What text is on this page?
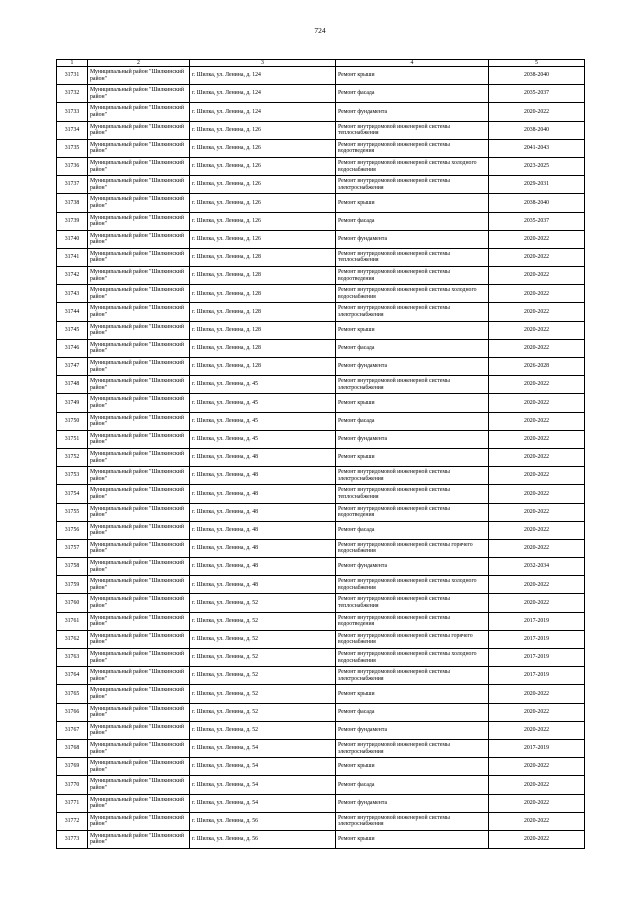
724
1	2	3	4	5
31731	Муниципальный район "Шилкинский район"	г. Шилка, ул. Ленина, д. 124	Ремонт крыши	2038-2040
31732	Муниципальный район "Шилкинский район"	г. Шилка, ул. Ленина, д. 124	Ремонт фасада	2035-2037
31733	Муниципальный район "Шилкинский район"	г. Шилка, ул. Ленина, д. 124	Ремонт фундамента	2020-2022
31734	Муниципальный район "Шилкинский район"	г. Шилка, ул. Ленина, д. 126	Ремонт внутридомовой инженерной системы теплоснабжения	2038-2040
31735	Муниципальный район "Шилкинский район"	г. Шилка, ул. Ленина, д. 126	Ремонт внутридомовой инженерной системы водоотведения	2041-2043
31736	Муниципальный район "Шилкинский район"	г. Шилка, ул. Ленина, д. 126	Ремонт внутридомовой инженерной системы холодного водоснабжения	2023-2025
31737	Муниципальный район "Шилкинский район"	г. Шилка, ул. Ленина, д. 126	Ремонт внутридомовой инженерной системы электроснабжения	2029-2031
31738	Муниципальный район "Шилкинский район"	г. Шилка, ул. Ленина, д. 126	Ремонт крыши	2038-2040
31739	Муниципальный район "Шилкинский район"	г. Шилка, ул. Ленина, д. 126	Ремонт фасада	2035-2037
31740	Муниципальный район "Шилкинский район"	г. Шилка, ул. Ленина, д. 126	Ремонт фундамента	2020-2022
31741	Муниципальный район "Шилкинский район"	г. Шилка, ул. Ленина, д. 128	Ремонт внутридомовой инженерной системы теплоснабжения	2020-2022
31742	Муниципальный район "Шилкинский район"	г. Шилка, ул. Ленина, д. 128	Ремонт внутридомовой инженерной системы водоотведения	2020-2022
31743	Муниципальный район "Шилкинский район"	г. Шилка, ул. Ленина, д. 128	Ремонт внутридомовой инженерной системы холодного водоснабжения	2020-2022
31744	Муниципальный район "Шилкинский район"	г. Шилка, ул. Ленина, д. 128	Ремонт внутридомовой инженерной системы электроснабжения	2020-2022
31745	Муниципальный район "Шилкинский район"	г. Шилка, ул. Ленина, д. 128	Ремонт крыши	2020-2022
31746	Муниципальный район "Шилкинский район"	г. Шилка, ул. Ленина, д. 128	Ремонт фасада	2020-2022
31747	Муниципальный район "Шилкинский район"	г. Шилка, ул. Ленина, д. 128	Ремонт фундамента	2026-2028
31748	Муниципальный район "Шилкинский район"	г. Шилка, ул. Ленина, д. 45	Ремонт внутридомовой инженерной системы электроснабжения	2020-2022
31749	Муниципальный район "Шилкинский район"	г. Шилка, ул. Ленина, д. 45	Ремонт крыши	2020-2022
31750	Муниципальный район "Шилкинский район"	г. Шилка, ул. Ленина, д. 45	Ремонт фасада	2020-2022
31751	Муниципальный район "Шилкинский район"	г. Шилка, ул. Ленина, д. 45	Ремонт фундамента	2020-2022
31752	Муниципальный район "Шилкинский район"	г. Шилка, ул. Ленина, д. 48	Ремонт крыши	2020-2022
31753	Муниципальный район "Шилкинский район"	г. Шилка, ул. Ленина, д. 48	Ремонт внутридомовой инженерной системы электроснабжения	2020-2022
31754	Муниципальный район "Шилкинский район"	г. Шилка, ул. Ленина, д. 48	Ремонт внутридомовой инженерной системы теплоснабжения	2020-2022
31755	Муниципальный район "Шилкинский район"	г. Шилка, ул. Ленина, д. 48	Ремонт внутридомовой инженерной системы водоотведения	2020-2022
31756	Муниципальный район "Шилкинский район"	г. Шилка, ул. Ленина, д. 48	Ремонт фасада	2020-2022
31757	Муниципальный район "Шилкинский район"	г. Шилка, ул. Ленина, д. 48	Ремонт внутридомовой инженерной системы горячего водоснабжения	2020-2022
31758	Муниципальный район "Шилкинский район"	г. Шилка, ул. Ленина, д. 48	Ремонт фундамента	2032-2034
31759	Муниципальный район "Шилкинский район"	г. Шилка, ул. Ленина, д. 48	Ремонт внутридомовой инженерной системы холодного водоснабжения	2020-2022
31760	Муниципальный район "Шилкинский район"	г. Шилка, ул. Ленина, д. 52	Ремонт внутридомовой инженерной системы теплоснабжения	2020-2022
31761	Муниципальный район "Шилкинский район"	г. Шилка, ул. Ленина, д. 52	Ремонт внутридомовой инженерной системы водоотведения	2017-2019
31762	Муниципальный район "Шилкинский район"	г. Шилка, ул. Ленина, д. 52	Ремонт внутридомовой инженерной системы горячего водоснабжения	2017-2019
31763	Муниципальный район "Шилкинский район"	г. Шилка, ул. Ленина, д. 52	Ремонт внутридомовой инженерной системы холодного водоснабжения	2017-2019
31764	Муниципальный район "Шилкинский район"	г. Шилка, ул. Ленина, д. 52	Ремонт внутридомовой инженерной системы электроснабжения	2017-2019
31765	Муниципальный район "Шилкинский район"	г. Шилка, ул. Ленина, д. 52	Ремонт крыши	2020-2022
31766	Муниципальный район "Шилкинский район"	г. Шилка, ул. Ленина, д. 52	Ремонт фасада	2020-2022
31767	Муниципальный район "Шилкинский район"	г. Шилка, ул. Ленина, д. 52	Ремонт фундамента	2020-2022
31768	Муниципальный район "Шилкинский район"	г. Шилка, ул. Ленина, д. 54	Ремонт внутридомовой инженерной системы электроснабжения	2017-2019
31769	Муниципальный район "Шилкинский район"	г. Шилка, ул. Ленина, д. 54	Ремонт крыши	2020-2022
31770	Муниципальный район "Шилкинский район"	г. Шилка, ул. Ленина, д. 54	Ремонт фасада	2020-2022
31771	Муниципальный район "Шилкинский район"	г. Шилка, ул. Ленина, д. 54	Ремонт фундамента	2020-2022
31772	Муниципальный район "Шилкинский район"	г. Шилка, ул. Ленина, д. 56	Ремонт внутридомовой инженерной системы электроснабжения	2020-2022
31773	Муниципальный район "Шилкинский район"	г. Шилка, ул. Ленина, д. 56	Ремонт крыши	2020-2022
